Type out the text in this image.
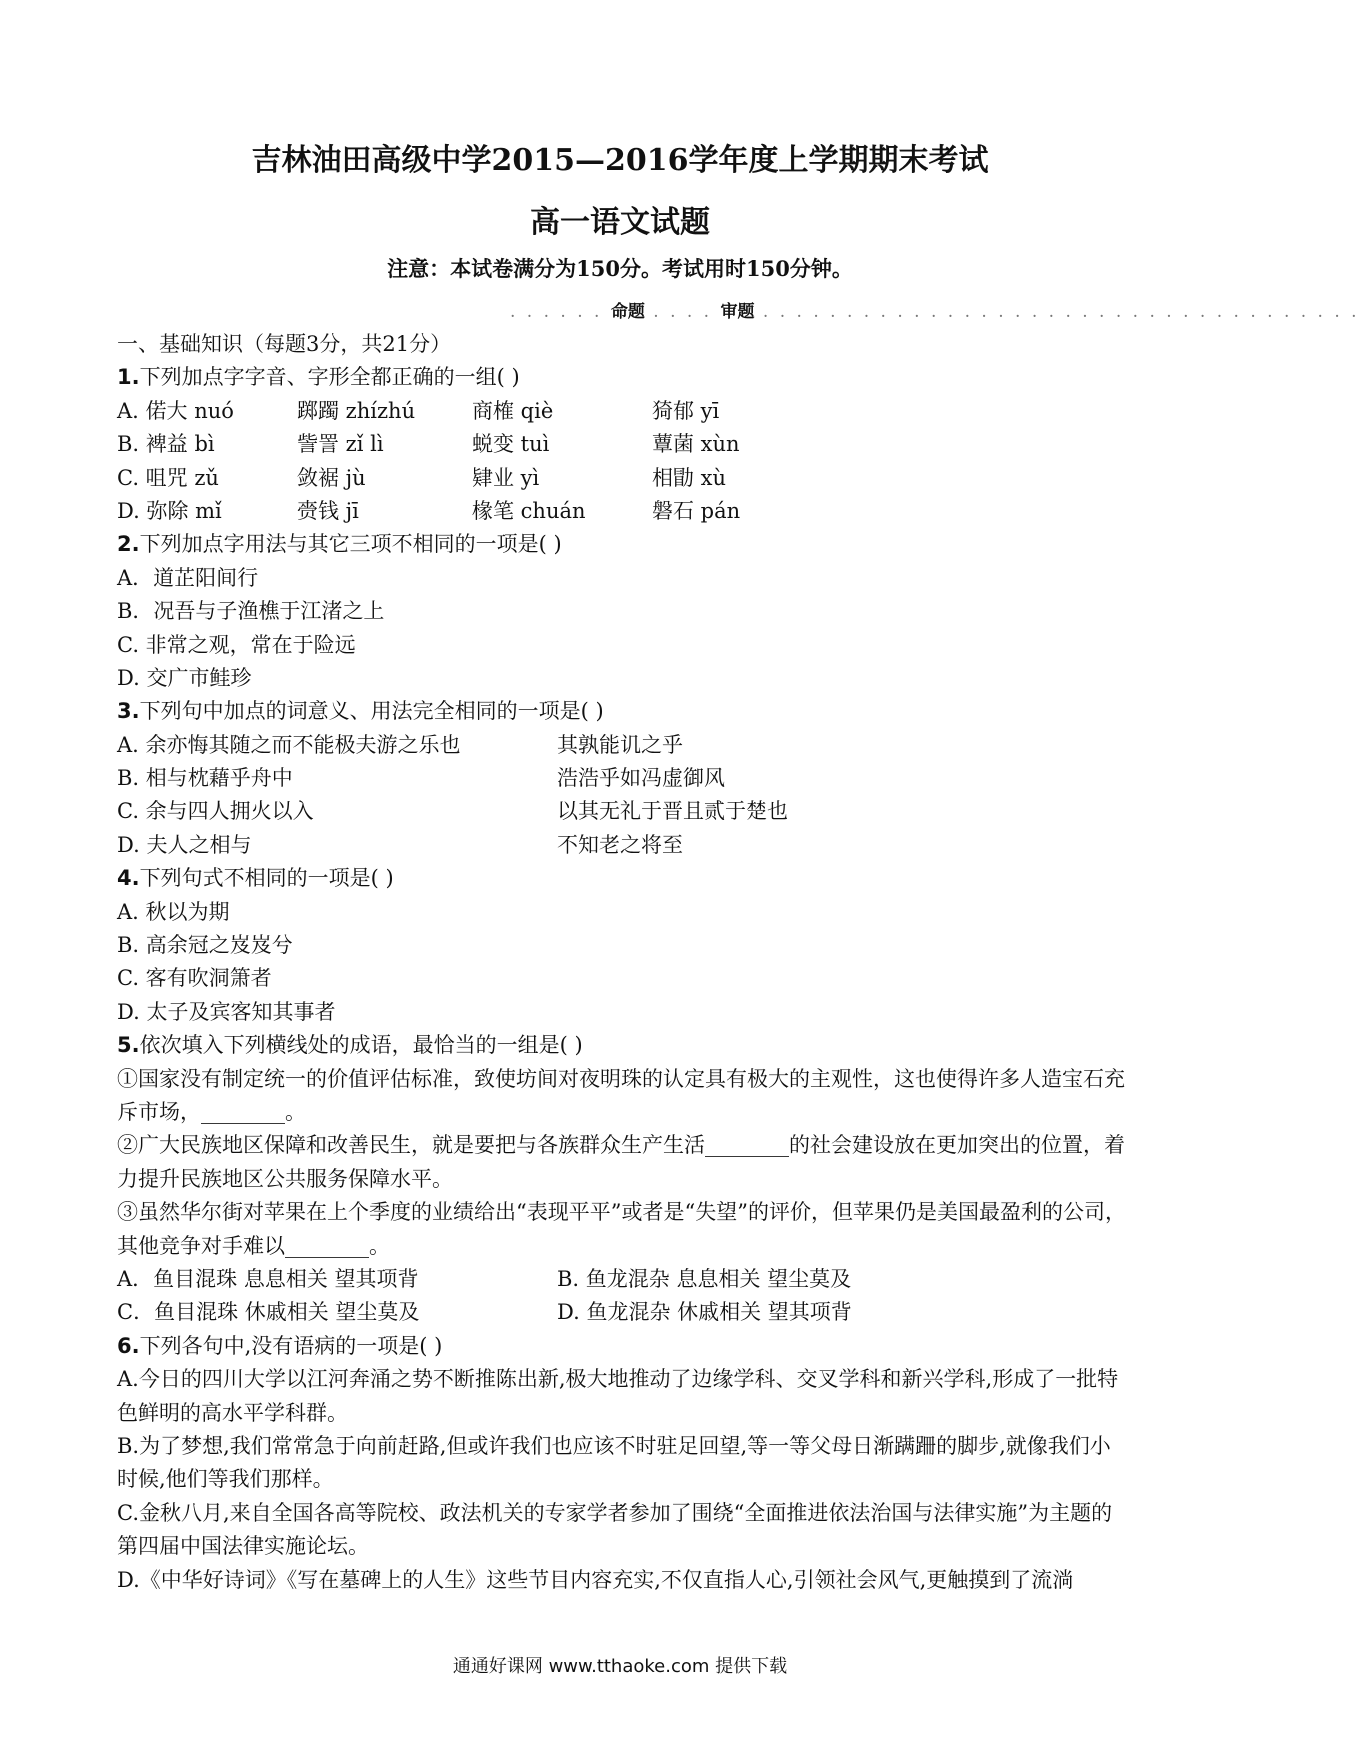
吉林油田高级中学2015—2016学年度上学期期末考试
高一语文试题
注意：本试卷满分为150分。考试用时150分钟。
. . . . . . 命题 . . . . 审题 . . . . . . . . . . . . . . . . . . . . . . . . . . . . . . . . . . . .
一、基础知识（每题3分，共21分）
1.下列加点字字音、字形全都正确的一组( )
A. 偌大 nuó	踯躅 zhízhú	商榷 qiè	猗郁 yī
B. 裨益 bì	訾詈 zǐ lì	蜕变 tuì	蕈菌 xùn
C. 咀咒 zǔ	敛裾 jù	肄业 yì	相勖 xù
D. 弥除 mǐ	赍钱 jī	椽笔 chuán	磐石 pán
2.下列加点字用法与其它三项不相同的一项是( )
A．道芷阳间行
B．况吾与子渔樵于江渚之上
C. 非常之观，常在于险远
D. 交广市鲑珍
3.下列句中加点的词意义、用法完全相同的一项是( )
A. 余亦悔其随之而不能极夫游之乐也	其孰能讥之乎
B. 相与枕藉乎舟中	浩浩乎如冯虚御风
C. 余与四人拥火以入	以其无礼于晋且贰于楚也
D. 夫人之相与	不知老之将至
4.下列句式不相同的一项是( )
A. 秋以为期
B. 高余冠之岌岌兮
C. 客有吹洞箫者
D. 太子及宾客知其事者
5.依次填入下列横线处的成语，最恰当的一组是( )
①国家没有制定统一的价值评估标准，致使坊间对夜明珠的认定具有极大的主观性，这也使得许多人造宝石充斥市场，________。
②广大民族地区保障和改善民生，就是要把与各族群众生产生活________的社会建设放在更加突出的位置，着力提升民族地区公共服务保障水平。
③虽然华尔街对苹果在上个季度的业绩给出“表现平平”或者是“失望”的评价，但苹果仍是美国最盈利的公司，其他竞争对手难以________。
A．鱼目混珠 息息相关 望其项背	B. 鱼龙混杂 息息相关 望尘莫及
C．鱼目混珠 休戚相关 望尘莫及	D. 鱼龙混杂 休戚相关 望其项背
6.下列各句中,没有语病的一项是( )
A.今日的四川大学以江河奔涌之势不断推陈出新,极大地推动了边缘学科、交叉学科和新兴学科,形成了一批特色鲜明的高水平学科群。
B.为了梦想,我们常常急于向前赶路,但或许我们也应该不时驻足回望,等一等父母日渐蹒跚的脚步,就像我们小时候,他们等我们那样。
C.金秋八月,来自全国各高等院校、政法机关的专家学者参加了围绕“全面推进依法治国与法律实施”为主题的第四届中国法律实施论坛。
D.《中华好诗词》《写在墓碑上的人生》这些节目内容充实,不仅直指人心,引领社会风气,更触摸到了流淌
通通好课网 www.tthaoke.com 提供下载
